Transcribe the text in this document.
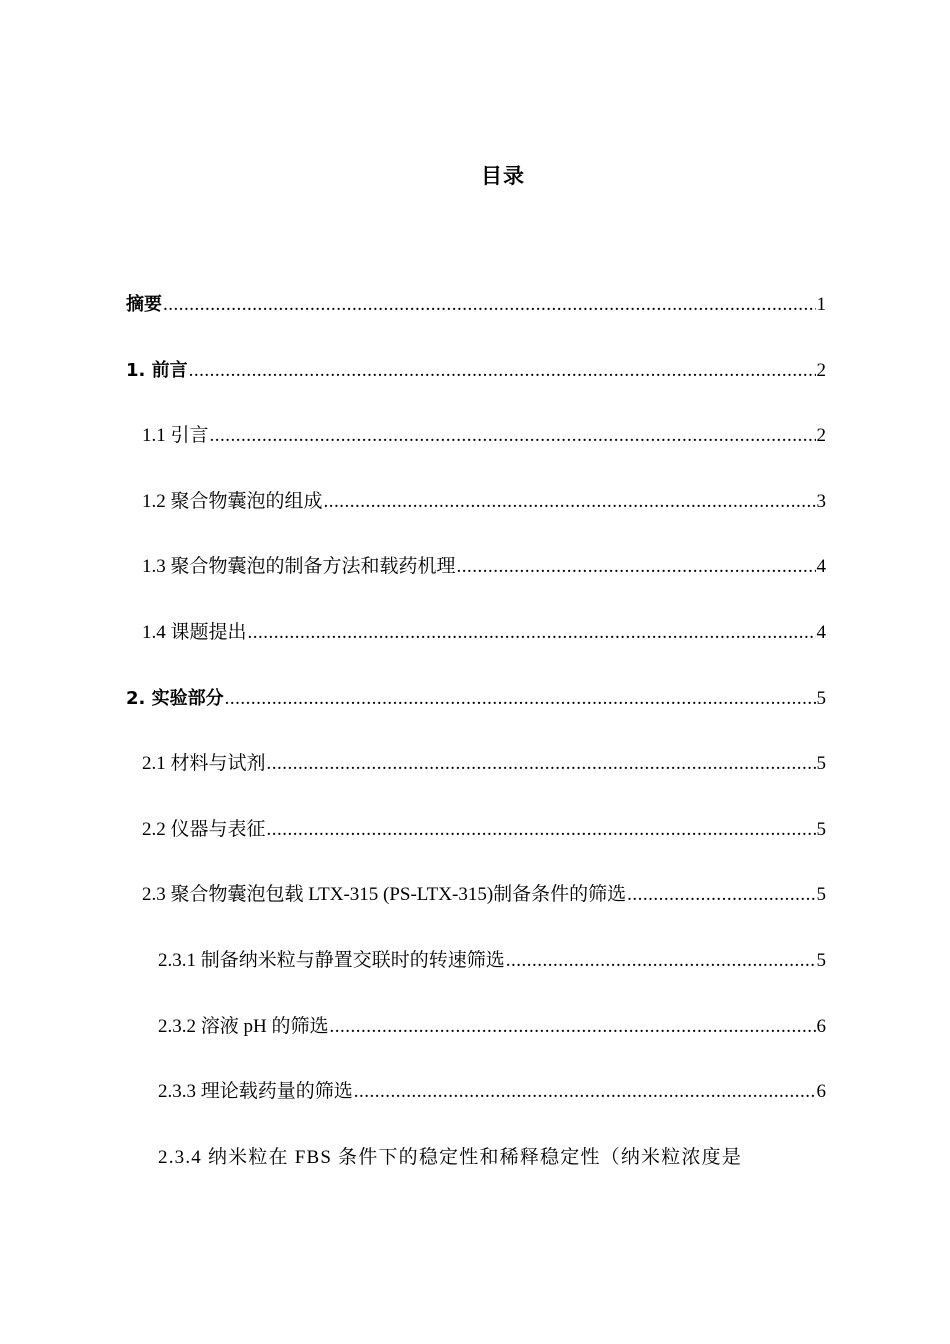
目录
摘要 .....	1
1. 前言 .....	2
1.1 引言 .....	2
1.2 聚合物囊泡的组成 .....	3
1.3 聚合物囊泡的制备方法和载药机理 .....	4
1.4 课题提出 .....	4
2. 实验部分 .....	5
2.1 材料与试剂 .....	5
2.2 仪器与表征 .....	5
2.3 聚合物囊泡包载 LTX-315 (PS-LTX-315)制备条件的筛选 .....	5
2.3.1 制备纳米粒与静置交联时的转速筛选 .....	5
2.3.2 溶液 pH 的筛选 .....	6
2.3.3 理论载药量的筛选 .....	6
2.3.4 纳米粒在 FBS 条件下的稳定性和稀释稳定性（纳米粒浓度是
